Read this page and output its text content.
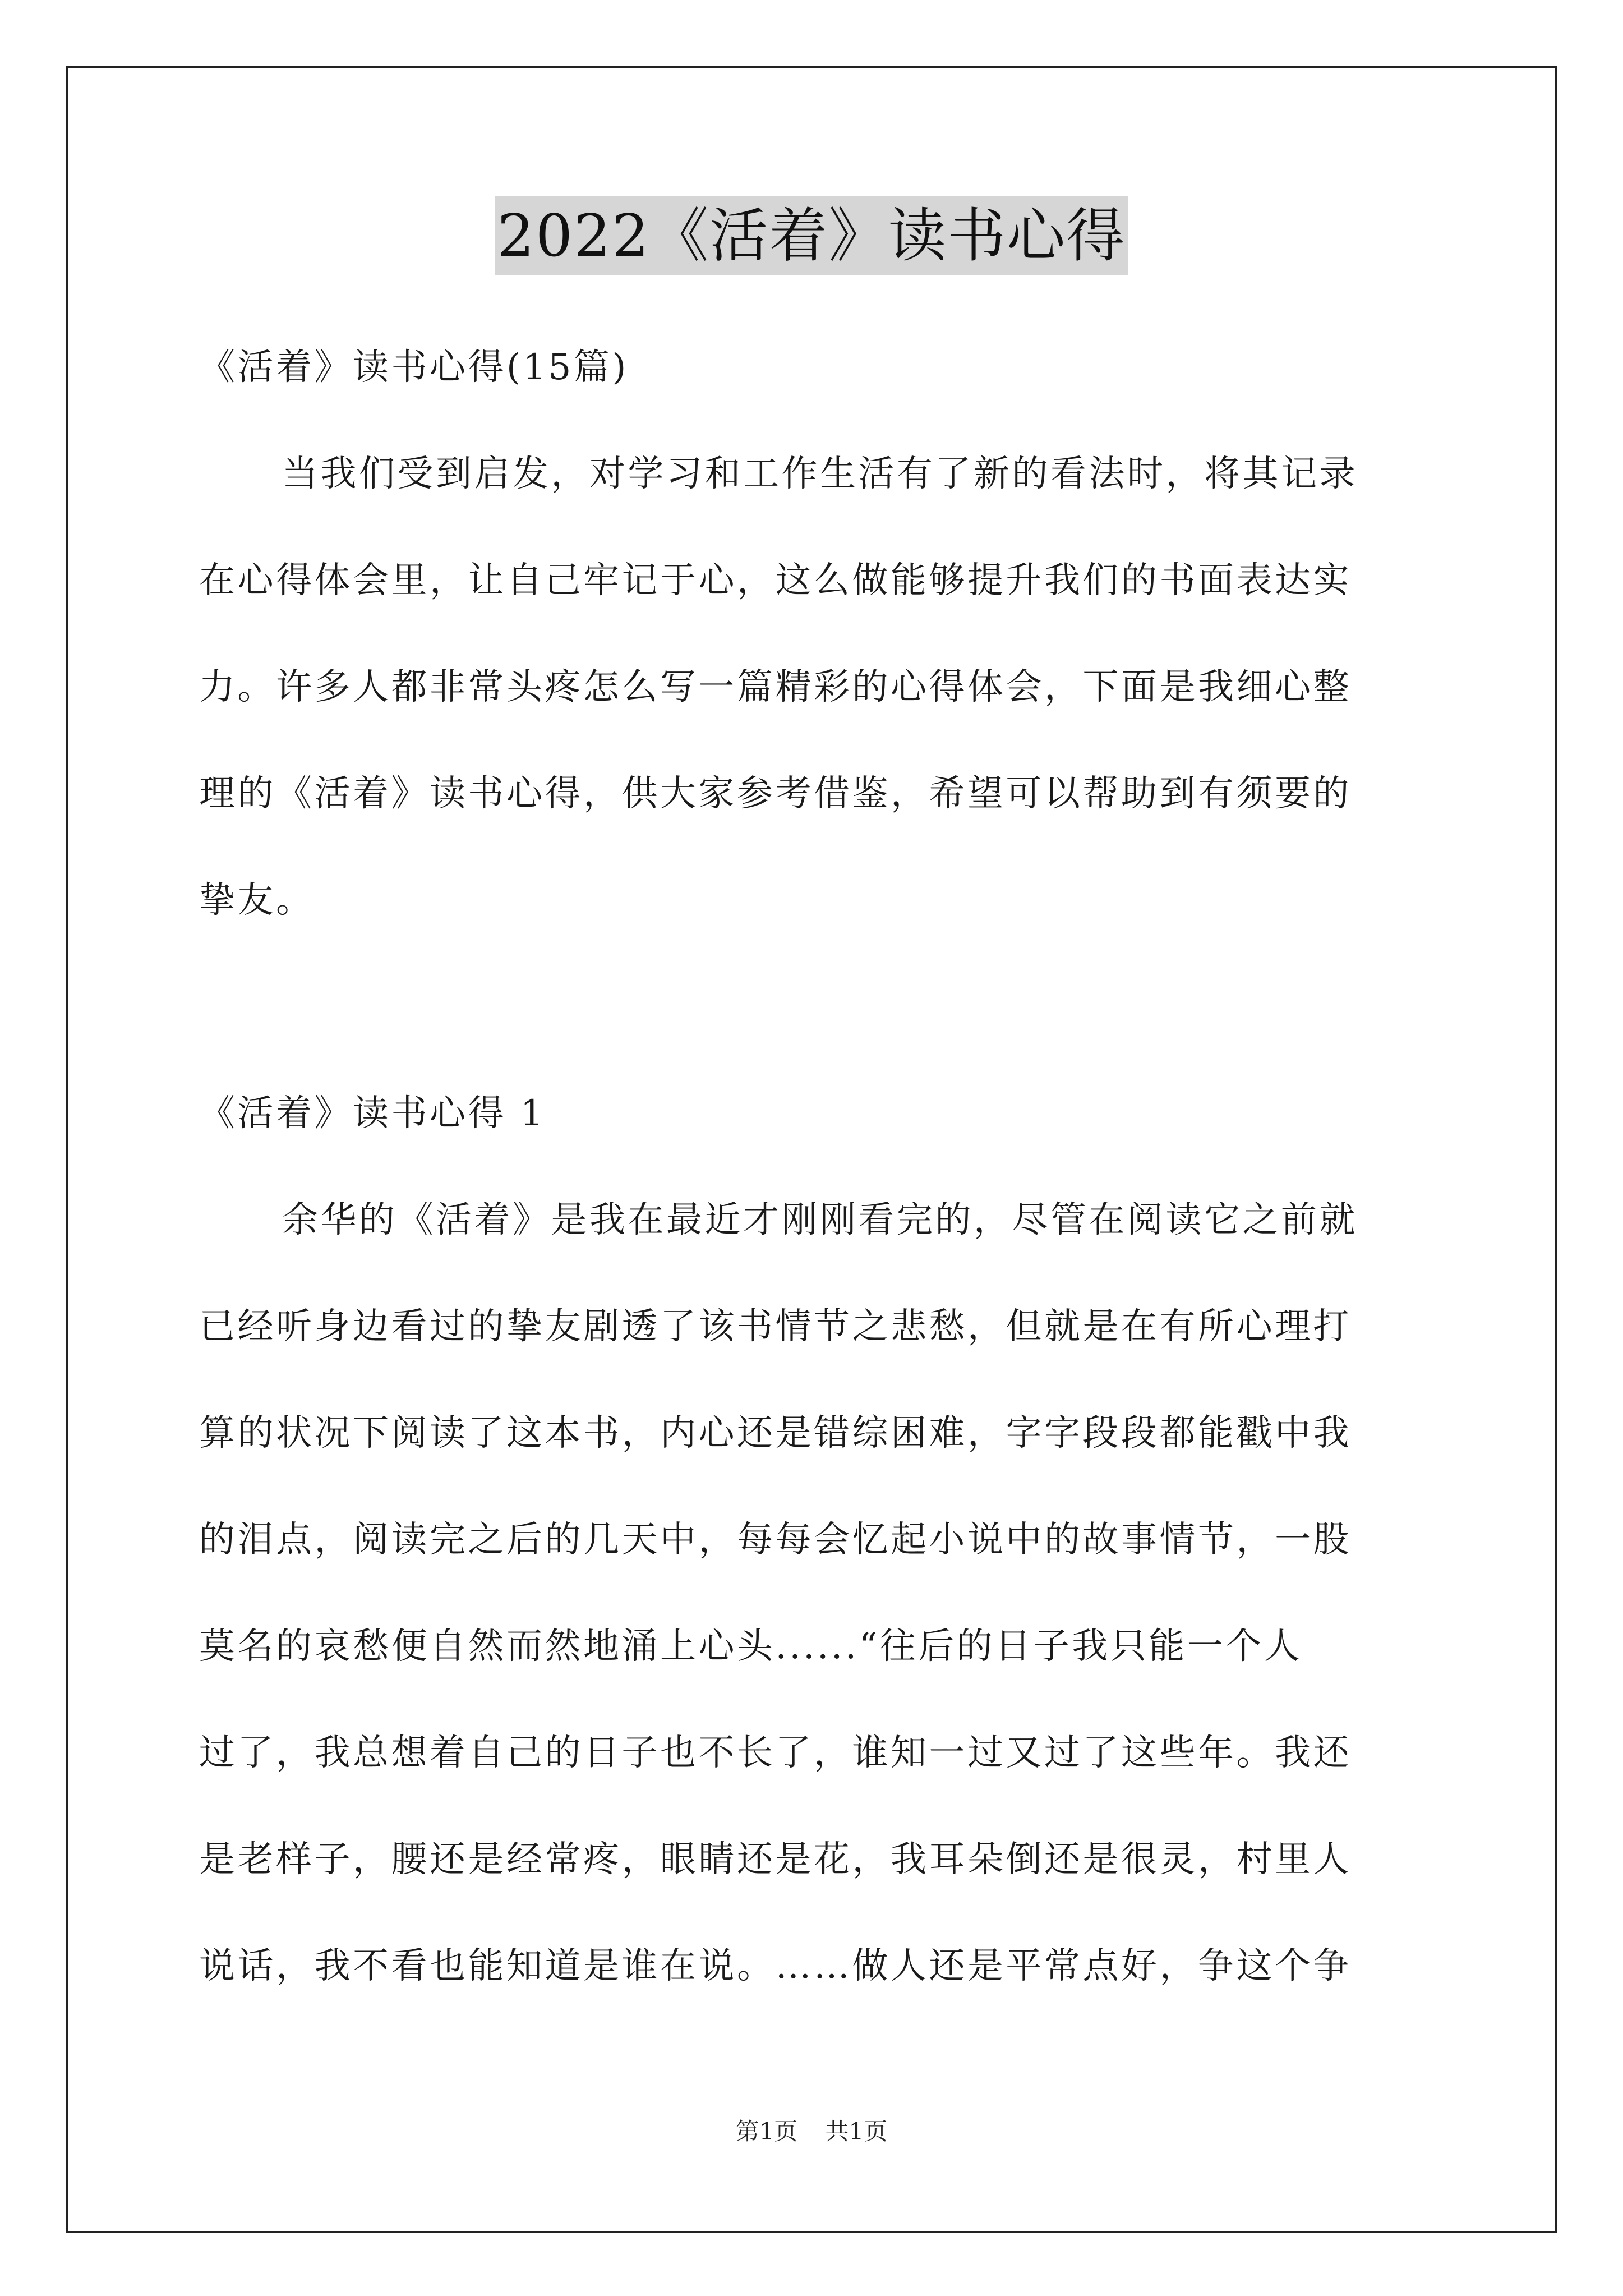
2022《活着》读书心得
《活着》读书心得(15篇)
当我们受到启发，对学习和工作生活有了新的看法时，将其记录
在心得体会里，让自己牢记于心，这么做能够提升我们的书面表达实
力。许多人都非常头疼怎么写一篇精彩的心得体会，下面是我细心整
理的《活着》读书心得，供大家参考借鉴，希望可以帮助到有须要的
挚友。
《活着》读书心得 1
余华的《活着》是我在最近才刚刚看完的，尽管在阅读它之前就
已经听身边看过的挚友剧透了该书情节之悲愁，但就是在有所心理打
算的状况下阅读了这本书，内心还是错综困难，字字段段都能戳中我
的泪点，阅读完之后的几天中，每每会忆起小说中的故事情节，一股
莫名的哀愁便自然而然地涌上心头......“往后的日子我只能一个人
过了，我总想着自己的日子也不长了，谁知一过又过了这些年。我还
是老样子，腰还是经常疼，眼睛还是花，我耳朵倒还是很灵，村里人
说话，我不看也能知道是谁在说。……做人还是平常点好，争这个争
第1页 共1页
